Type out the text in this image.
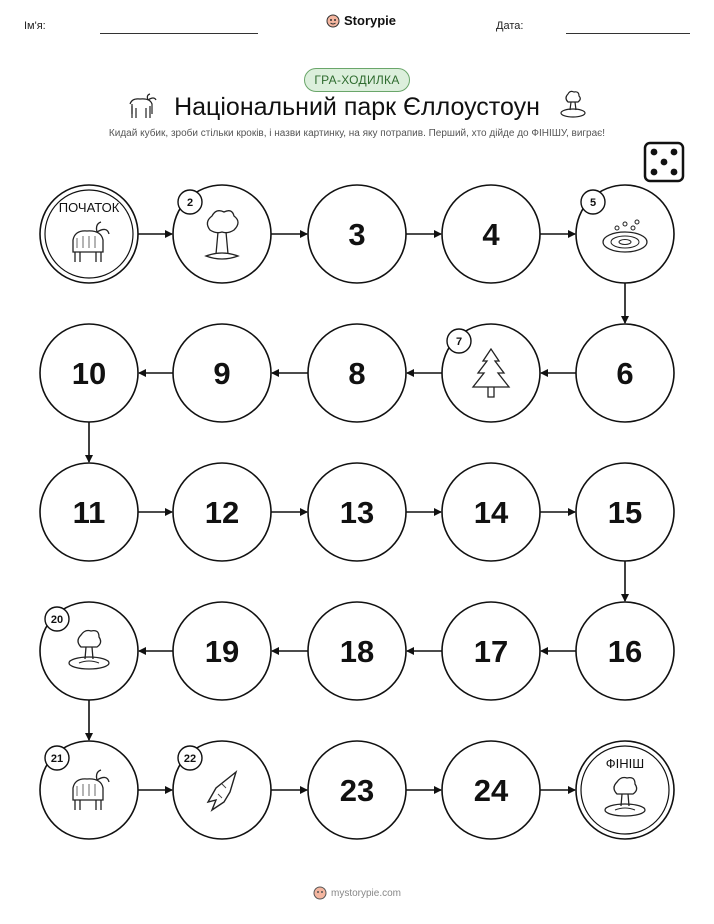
Ім'я:	Storypie	Дата:
ГРА-ХОДИЛКА
Національний парк Єллоустоун
Кидай кубик, зроби стільки кроків, і назви картинку, на яку потрапив. Перший, хто дійде до ФІНІШУ, виграє!
ПОЧАТОК	2
3	4
5
6
7
8
9
10
11	12	13	14	15
16
17
18
19
20
21	22
23	24
ФІНІШ
mystorypie.com
